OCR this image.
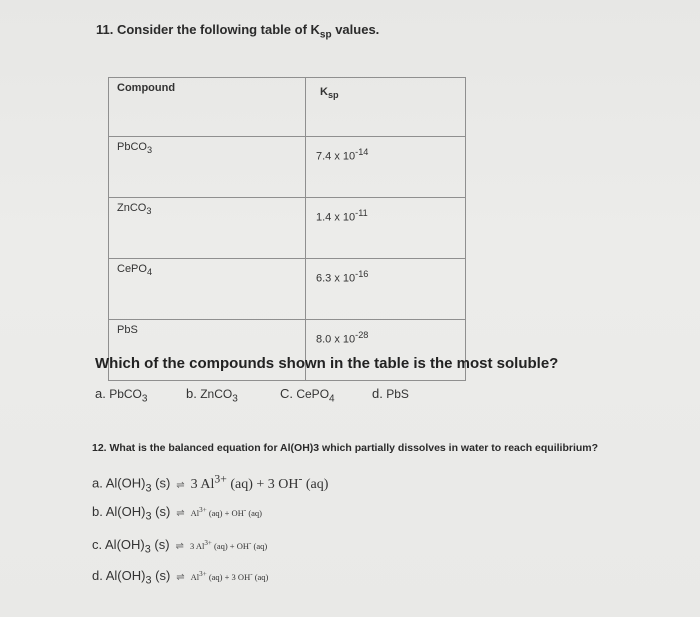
11. Consider the following table of $K_{sp}$ values.
Compound	$K_{sp}$
PbCO$_3$	7.4 x $10^{-14}$
ZnCO$_3$	1.4 x $10^{-11}$
CePO$_4$	6.3 x $10^{-16}$
PbS	8.0 x $10^{-28}$
Which of the compounds shown in the table is the most soluble?
a. PbCO$_3$	b. ZnCO$_3$	C. CePO$_4$	d. PbS
12. What is the balanced equation for Al(OH)3 which partially dissolves in water to reach equilibrium?
a. $Al(OH)_3$ (s) ⇌ 3 $Al^{3+}$ (aq) + 3 OH- (aq)
b. $Al(OH)_3$ (s) ⇌ $Al^{3+}$ (aq) + OH- (aq)
c. $Al(OH)_3$ (s) ⇌ 3 $Al^{3+}$ (aq) + OH- (aq)
d. $Al(OH)_3$ (s) ⇌ $Al^{3+}$ (aq) + 3 OH- (aq)
